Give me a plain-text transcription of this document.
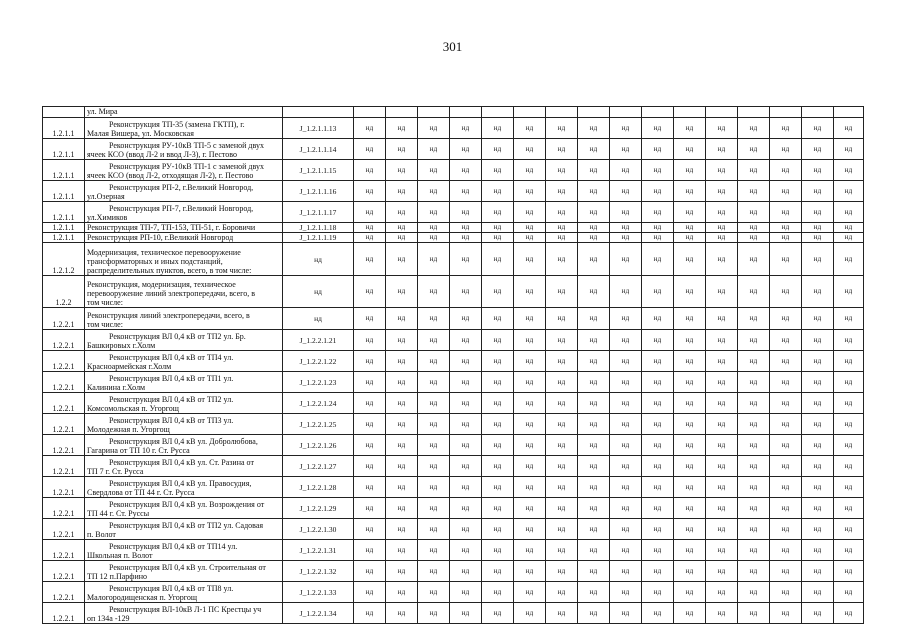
301

	ул. Мира																	

1.2.1.1	Реконструкция ТП-35 (замена ГКТП), г.
Малая Вишера, ул. Московская	J_1.2.1.1.13	нд	нд	нд	нд	нд	нд	нд	нд	нд	нд	нд	нд	нд	нд	нд	нд
1.2.1.1	Реконструкция РУ-10кВ ТП-5 с заменой двух
ячеек КСО (ввод Л-2 и ввод Л-3), г. Пестово	J_1.2.1.1.14	нд	нд	нд	нд	нд	нд	нд	нд	нд	нд	нд	нд	нд	нд	нд	нд
1.2.1.1	Реконструкция РУ-10кВ ТП-1 с заменой двух
ячеек КСО (ввод Л-2, отходящая Л-2), г. Пестово	J_1.2.1.1.15	нд	нд	нд	нд	нд	нд	нд	нд	нд	нд	нд	нд	нд	нд	нд	нд
1.2.1.1	Реконструкция РП-2, г.Великий Новгород,
ул.Озерная	J_1.2.1.1.16	нд	нд	нд	нд	нд	нд	нд	нд	нд	нд	нд	нд	нд	нд	нд	нд
1.2.1.1	Реконструкция РП-7, г.Великий Новгород,
ул.Химиков	J_1.2.1.1.17	нд	нд	нд	нд	нд	нд	нд	нд	нд	нд	нд	нд	нд	нд	нд	нд
1.2.1.1	Реконструкция ТП-7, ТП-153, ТП-51, г. Боровичи	J_1.2.1.1.18	нд	нд	нд	нд	нд	нд	нд	нд	нд	нд	нд	нд	нд	нд	нд	нд
1.2.1.1	Реконструкция РП-10, г.Великий Новгород	J_1.2.1.1.19	нд	нд	нд	нд	нд	нд	нд	нд	нд	нд	нд	нд	нд	нд	нд	нд
1.2.1.2	Модернизация, техническое перевооружение
трансформаторных и иных подстанций,
распределительных пунктов, всего, в том числе:	нд	нд	нд	нд	нд	нд	нд	нд	нд	нд	нд	нд	нд	нд	нд	нд	нд
1.2.2	Реконструкция, модернизация, техническое
перевооружение линий электропередачи, всего, в
том числе:	нд	нд	нд	нд	нд	нд	нд	нд	нд	нд	нд	нд	нд	нд	нд	нд	нд
1.2.2.1	Реконструкция линий электропередачи, всего, в
том числе:	нд	нд	нд	нд	нд	нд	нд	нд	нд	нд	нд	нд	нд	нд	нд	нд	нд
1.2.2.1	Реконструкция ВЛ 0,4 кВ от ТП2 ул. Бр.
Башкировых г.Холм	J_1.2.2.1.21	нд	нд	нд	нд	нд	нд	нд	нд	нд	нд	нд	нд	нд	нд	нд	нд
1.2.2.1	Реконструкция ВЛ 0,4 кВ от ТП4 ул.
Красноармейская г.Холм	J_1.2.2.1.22	нд	нд	нд	нд	нд	нд	нд	нд	нд	нд	нд	нд	нд	нд	нд	нд
1.2.2.1	Реконструкция ВЛ 0,4 кВ от ТП1 ул.
Калинина г.Холм	J_1.2.2.1.23	нд	нд	нд	нд	нд	нд	нд	нд	нд	нд	нд	нд	нд	нд	нд	нд
1.2.2.1	Реконструкция ВЛ 0,4 кВ от ТП2 ул.
Комсомольская п. Угоргощ	J_1.2.2.1.24	нд	нд	нд	нд	нд	нд	нд	нд	нд	нд	нд	нд	нд	нд	нд	нд
1.2.2.1	Реконструкция ВЛ 0,4 кВ от ТП3 ул.
Молодежная п. Угоргощ	J_1.2.2.1.25	нд	нд	нд	нд	нд	нд	нд	нд	нд	нд	нд	нд	нд	нд	нд	нд
1.2.2.1	Реконструкция ВЛ 0,4 кВ ул. Добролюбова,
Гагарина от ТП 10 г. Ст. Русса	J_1.2.2.1.26	нд	нд	нд	нд	нд	нд	нд	нд	нд	нд	нд	нд	нд	нд	нд	нд
1.2.2.1	Реконструкция ВЛ 0,4 кВ ул. Ст. Разина от
ТП 7 г. Ст. Русса	J_1.2.2.1.27	нд	нд	нд	нд	нд	нд	нд	нд	нд	нд	нд	нд	нд	нд	нд	нд
1.2.2.1	Реконструкция ВЛ 0,4 кВ ул. Правосудия,
Свердлова от ТП 44 г. Ст. Русса	J_1.2.2.1.28	нд	нд	нд	нд	нд	нд	нд	нд	нд	нд	нд	нд	нд	нд	нд	нд
1.2.2.1	Реконструкция ВЛ 0,4 кВ ул. Возрождения от
ТП 44 г. Ст. Руссы	J_1.2.2.1.29	нд	нд	нд	нд	нд	нд	нд	нд	нд	нд	нд	нд	нд	нд	нд	нд
1.2.2.1	Реконструкция ВЛ 0,4 кВ от ТП2 ул. Садовая
п. Волот	J_1.2.2.1.30	нд	нд	нд	нд	нд	нд	нд	нд	нд	нд	нд	нд	нд	нд	нд	нд
1.2.2.1	Реконструкция ВЛ 0,4 кВ от ТП14 ул.
Школьная п. Волот	J_1.2.2.1.31	нд	нд	нд	нд	нд	нд	нд	нд	нд	нд	нд	нд	нд	нд	нд	нд
1.2.2.1	Реконструкция ВЛ 0,4 кВ ул. Строительная от
ТП 12 п.Парфино	J_1.2.2.1.32	нд	нд	нд	нд	нд	нд	нд	нд	нд	нд	нд	нд	нд	нд	нд	нд
1.2.2.1	Реконструкция ВЛ 0,4 кВ от ТП8 ул.
Малогородищенская п. Угоргощ	J_1.2.2.1.33	нд	нд	нд	нд	нд	нд	нд	нд	нд	нд	нд	нд	нд	нд	нд	нд
1.2.2.1	Реконструкция ВЛ-10кВ Л-1 ПС Крестцы уч
оп 134а -129	J_1.2.2.1.34	нд	нд	нд	нд	нд	нд	нд	нд	нд	нд	нд	нд	нд	нд	нд	нд
